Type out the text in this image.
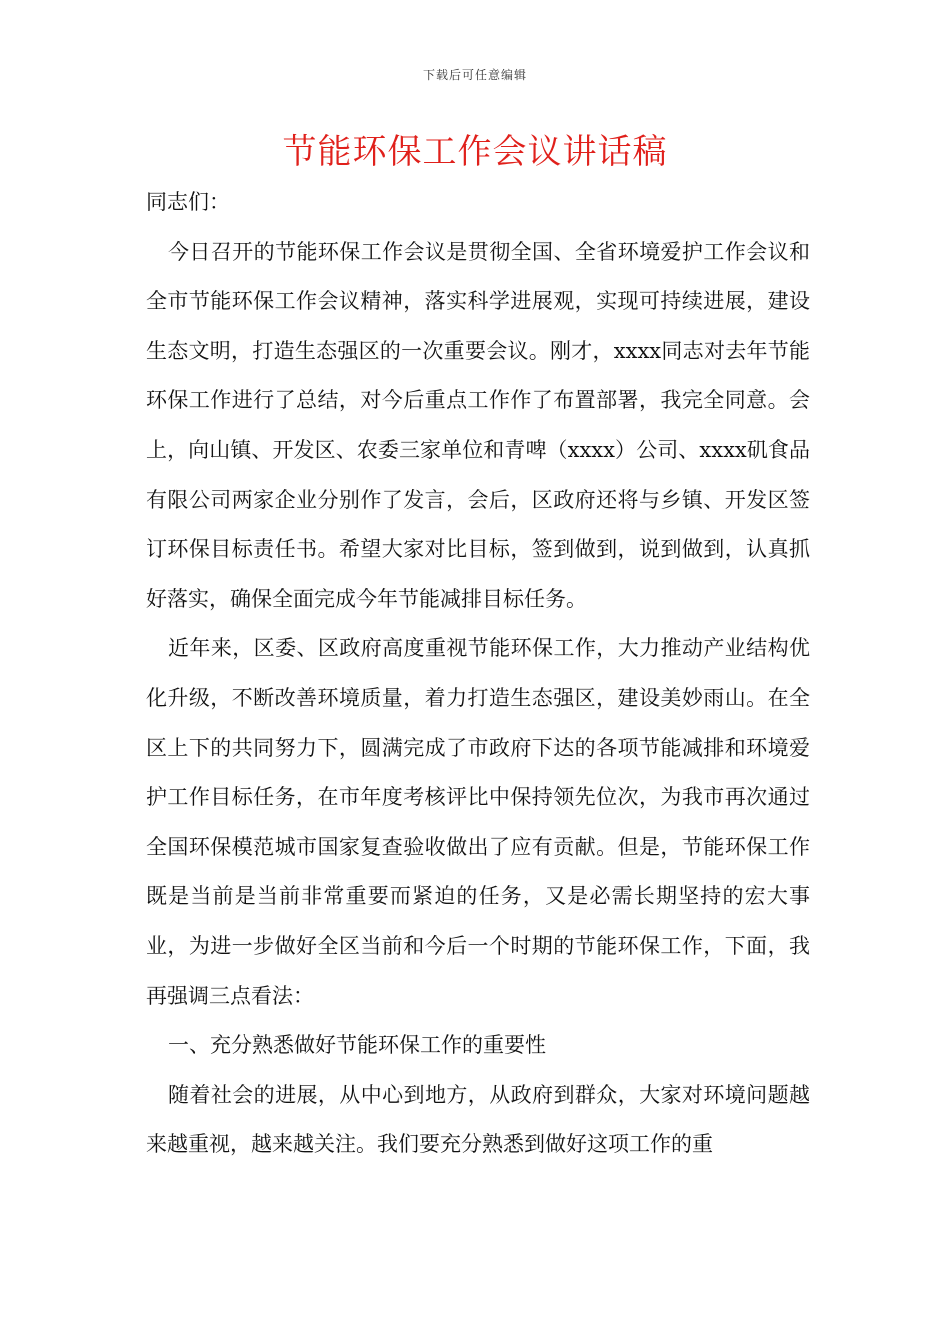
下载后可任意编辑
节能环保工作会议讲话稿

同志们：

今日召开的节能环保工作会议是贯彻全国、全省环境爱护工作会议和全市节能环保工作会议精神，落实科学进展观，实现可持续进展，建设生态文明，打造生态强区的一次重要会议。刚才，xxxx同志对去年节能环保工作进行了总结，对今后重点工作作了布置部署，我完全同意。会上，向山镇、开发区、农委三家单位和青啤（xxxx）公司、xxxx矶食品有限公司两家企业分别作了发言，会后，区政府还将与乡镇、开发区签订环保目标责任书。希望大家对比目标，签到做到，说到做到，认真抓好落实，确保全面完成今年节能减排目标任务。

近年来，区委、区政府高度重视节能环保工作，大力推动产业结构优化升级，不断改善环境质量，着力打造生态强区，建设美妙雨山。在全区上下的共同努力下，圆满完成了市政府下达的各项节能减排和环境爱护工作目标任务，在市年度考核评比中保持领先位次，为我市再次通过全国环保模范城市国家复查验收做出了应有贡献。但是，节能环保工作既是当前是当前非常重要而紧迫的任务，又是必需长期坚持的宏大事业，为进一步做好全区当前和今后一个时期的节能环保工作，下面，我再强调三点看法：

一、充分熟悉做好节能环保工作的重要性

随着社会的进展，从中心到地方，从政府到群众，大家对环境问题越来越重视，越来越关注。我们要充分熟悉到做好这项工作的重
